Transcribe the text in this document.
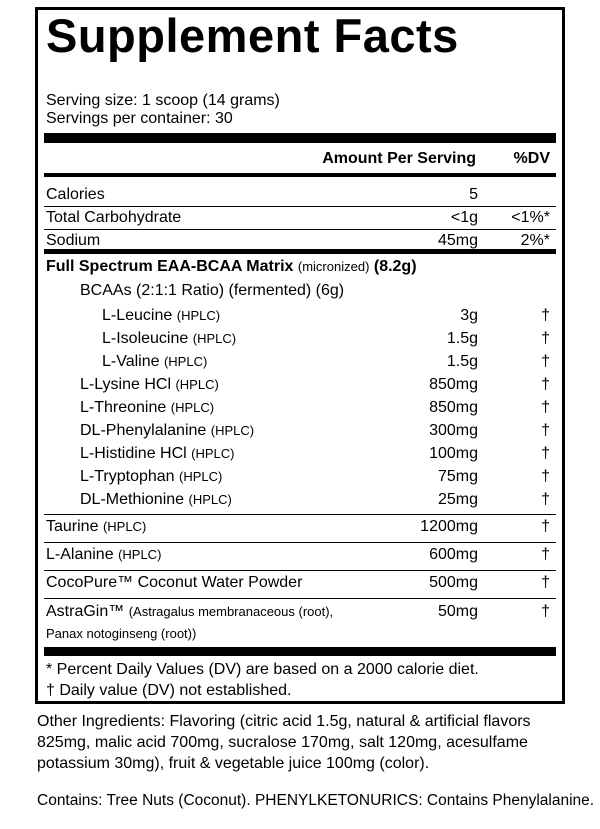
Supplement Facts
Serving size: 1 scoop (14 grams)
Servings per container: 30
Amount Per Serving %DV
Calories	5
Total Carbohydrate	<1g <1%*
Sodium	45mg	2%*
Full Spectrum EAA-BCAA Matrix (micronized) (8.2g)
BCAAs (2:1:1 Ratio) (fermented) (6g)
L-Leucine (HPLC)	3g	†
L-Isoleucine (HPLC)	1.5g	†
L-Valine (HPLC)	1.5g	†
L-Lysine HCl (HPLC)	850mg	†
L-Threonine (HPLC)	850mg	†
DL-Phenylalanine (HPLC)	300mg	†
L-Histidine HCl (HPLC)	100mg	†
L-Tryptophan (HPLC)	75mg	†
DL-Methionine (HPLC)	25mg	†
Taurine (HPLC)	1200mg	†
L-Alanine (HPLC)	600mg	†
CocoPure™ Coconut Water Powder	500mg	†
AstraGin™ (Astragalus membranaceous (root),
Panax notoginseng (root))
50mg	†
* Percent Daily Values (DV) are based on a 2000 calorie diet.
† Daily value (DV) not established.
Other Ingredients: Flavoring (citric acid 1.5g, natural & artificial flavors 825mg, malic acid 700mg, sucralose 170mg, salt 120mg, acesulfame potassium 30mg), fruit & vegetable juice 100mg (color).
Contains: Tree Nuts (Coconut). PHENYLKETONURICS: Contains Phenylalanine.
